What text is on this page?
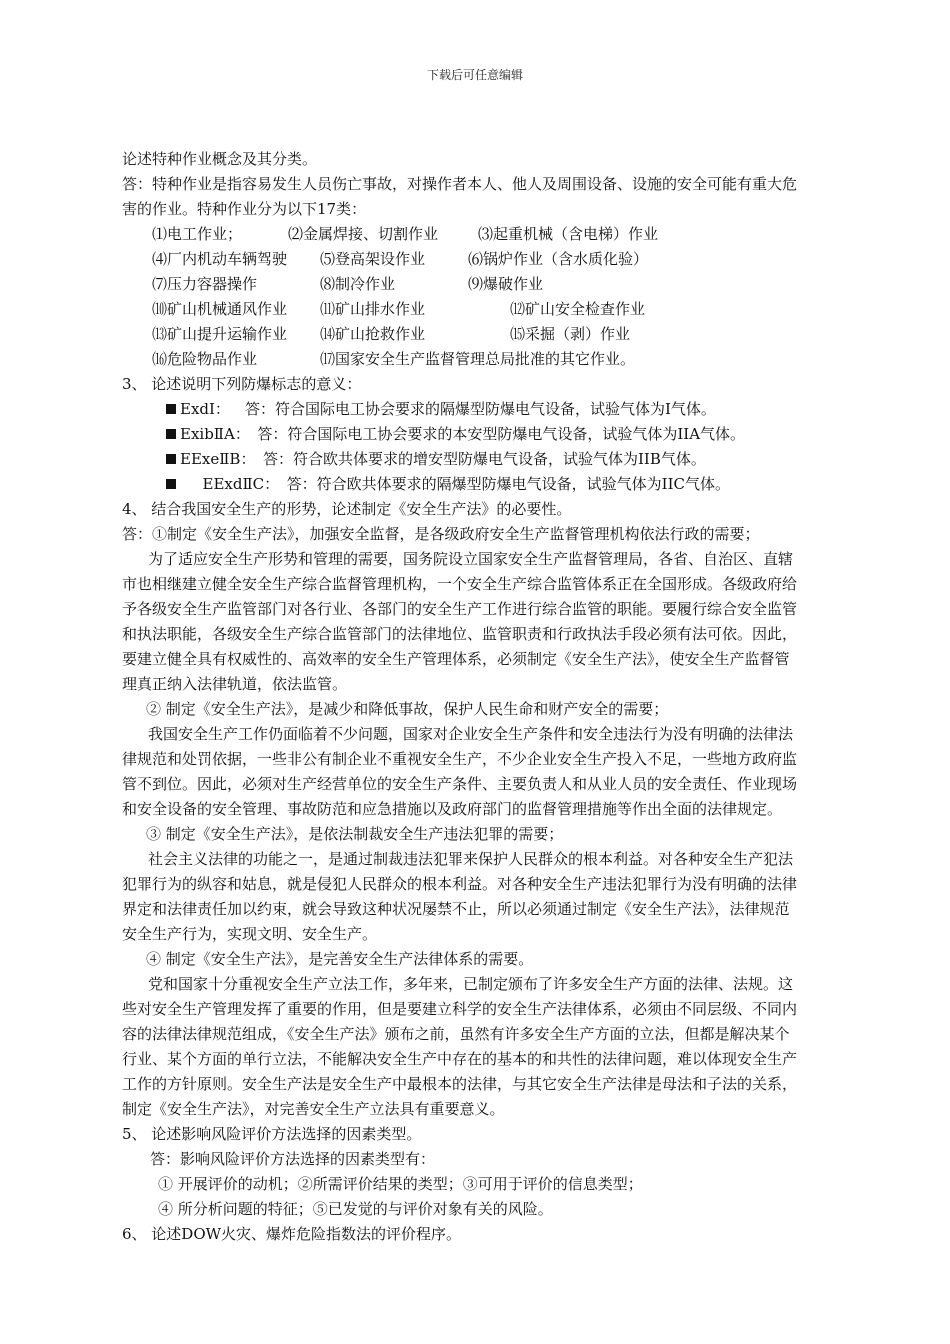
下载后可任意编辑
论述特种作业概念及其分类。
答：特种作业是指容易发生人员伤亡事故，对操作者本人、他人及周围设备、设施的安全可能有重大危
害的作业。特种作业分为以下17类：
⑴电工作业；	⑵金属焊接、切割作业	⑶起重机械（含电梯）作业
⑷厂内机动车辆驾驶	⑸登高架设作业	⑹锅炉作业（含水质化验）
⑺压力容器操作	⑻制冷作业	⑼爆破作业
⑽矿山机械通风作业	⑾矿山排水作业	⑿矿山安全检查作业
⒀矿山提升运输作业	⒁矿山抢救作业	⒂采掘（剥）作业
⒃危险物品作业	⒄国家安全生产监督管理总局批准的其它作业。
3、 论述说明下列防爆标志的意义：
ExdⅠ：  答：符合国际电工协会要求的隔爆型防爆电气设备，试验气体为I气体。
ExibⅡA：  答：符合国际电工协会要求的本安型防爆电气设备，试验气体为IIA气体。
EExeⅡB：  答：符合欧共体要求的增安型防爆电气设备，试验气体为IIB气体。
  EExdⅡC：  答：符合欧共体要求的隔爆型防爆电气设备，试验气体为IIC气体。
4、 结合我国安全生产的形势，论述制定《安全生产法》的必要性。
答：①制定《安全生产法》，加强安全监督，是各级政府安全生产监督管理机构依法行政的需要；
为了适应安全生产形势和管理的需要，国务院设立国家安全生产监督管理局，各省、自治区、直辖
市也相继建立健全安全生产综合监督管理机构，一个安全生产综合监管体系正在全国形成。各级政府给
予各级安全生产监管部门对各行业、各部门的安全生产工作进行综合监管的职能。要履行综合安全监管
和执法职能，各级安全生产综合监管部门的法律地位、监管职责和行政执法手段必须有法可依。因此，
要建立健全具有权威性的、高效率的安全生产管理体系，必须制定《安全生产法》，使安全生产监督管
理真正纳入法律轨道，依法监管。
② 制定《安全生产法》，是减少和降低事故，保护人民生命和财产安全的需要；
我国安全生产工作仍面临着不少问题，国家对企业安全生产条件和安全违法行为没有明确的法律法
律规范和处罚依据，一些非公有制企业不重视安全生产，不少企业安全生产投入不足，一些地方政府监
管不到位。因此，必须对生产经营单位的安全生产条件、主要负责人和从业人员的安全责任、作业现场
和安全设备的安全管理、事故防范和应急措施以及政府部门的监督管理措施等作出全面的法律规定。
③ 制定《安全生产法》，是依法制裁安全生产违法犯罪的需要；
社会主义法律的功能之一，是通过制裁违法犯罪来保护人民群众的根本利益。对各种安全生产犯法
犯罪行为的纵容和姑息，就是侵犯人民群众的根本利益。对各种安全生产违法犯罪行为没有明确的法律
界定和法律责任加以约束，就会导致这种状况屡禁不止，所以必须通过制定《安全生产法》，法律规范
安全生产行为，实现文明、安全生产。
④ 制定《安全生产法》，是完善安全生产法律体系的需要。
党和国家十分重视安全生产立法工作，多年来，已制定颁布了许多安全生产方面的法律、法规。这
些对安全生产管理发挥了重要的作用，但是要建立科学的安全生产法律体系，必须由不同层级、不同内
容的法律法律规范组成，《安全生产法》颁布之前，虽然有许多安全生产方面的立法，但都是解决某个
行业、某个方面的单行立法，不能解决安全生产中存在的基本的和共性的法律问题，难以体现安全生产
工作的方针原则。安全生产法是安全生产中最根本的法律，与其它安全生产法律是母法和子法的关系，
制定《安全生产法》，对完善安全生产立法具有重要意义。
5、 论述影响风险评价方法选择的因素类型。
答：影响风险评价方法选择的因素类型有：
① 开展评价的动机；②所需评价结果的类型；③可用于评价的信息类型；
④ 所分析问题的特征；⑤已发觉的与评价对象有关的风险。
6、 论述DOW火灾、爆炸危险指数法的评价程序。
